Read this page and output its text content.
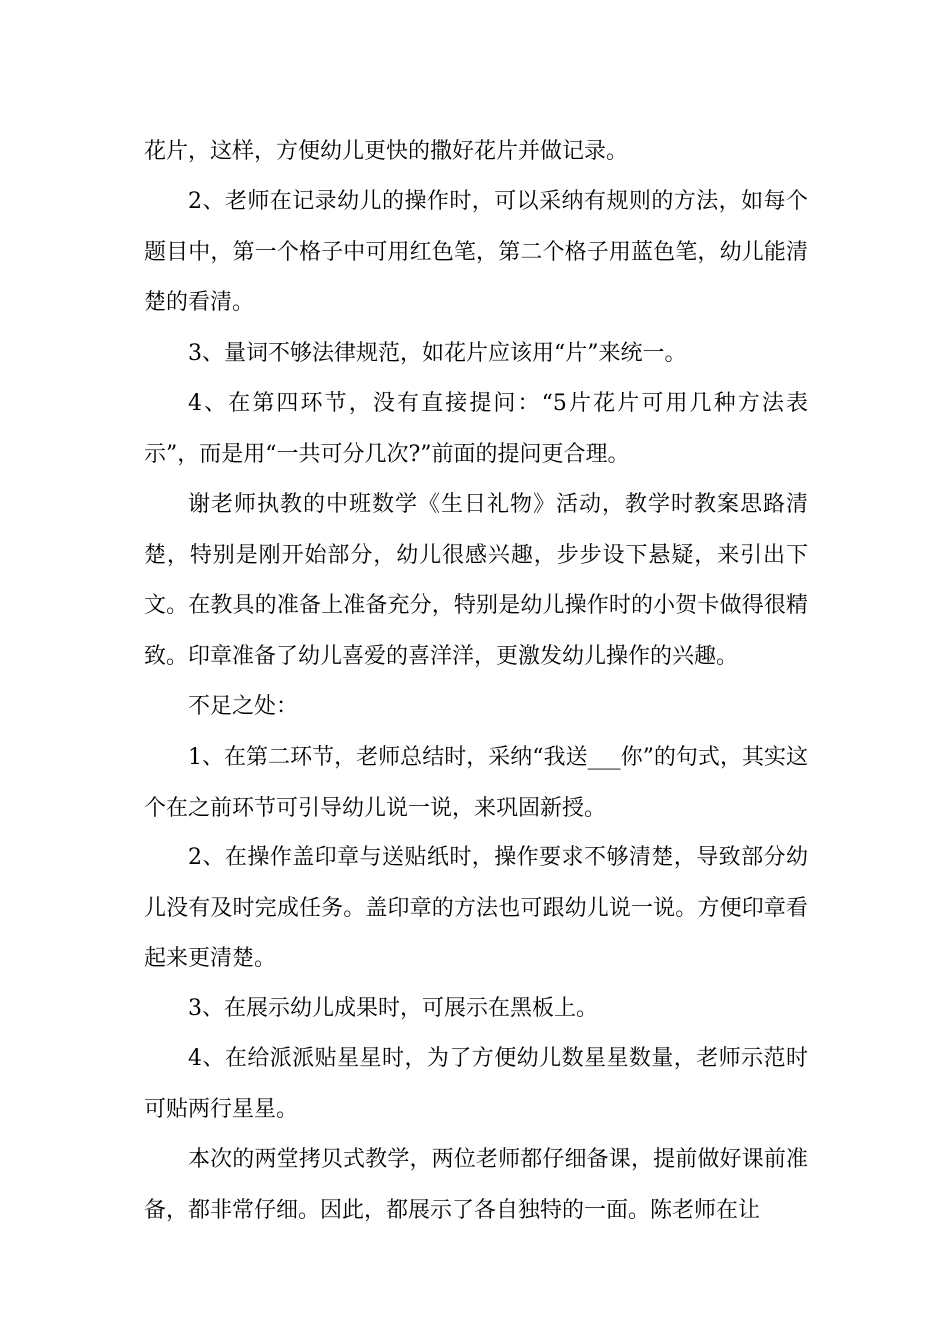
花片，这样，方便幼儿更快的撒好花片并做记录。

2、老师在记录幼儿的操作时，可以采纳有规则的方法，如每个题目中，第一个格子中可用红色笔，第二个格子用蓝色笔，幼儿能清楚的看清。

3、量词不够法律规范，如花片应该用“片”来统一。

4、在第四环节，没有直接提问：“5片花片可用几种方法表示”，而是用“一共可分几次?”前面的提问更合理。

谢老师执教的中班数学《生日礼物》活动，教学时教案思路清楚，特别是刚开始部分，幼儿很感兴趣，步步设下悬疑，来引出下文。在教具的准备上准备充分，特别是幼儿操作时的小贺卡做得很精致。印章准备了幼儿喜爱的喜洋洋，更激发幼儿操作的兴趣。

不足之处：

1、在第二环节，老师总结时，采纳“我送___你”的句式，其实这个在之前环节可引导幼儿说一说，来巩固新授。

2、在操作盖印章与送贴纸时，操作要求不够清楚，导致部分幼儿没有及时完成任务。盖印章的方法也可跟幼儿说一说。方便印章看起来更清楚。

3、在展示幼儿成果时，可展示在黑板上。

4、在给派派贴星星时，为了方便幼儿数星星数量，老师示范时可贴两行星星。

本次的两堂拷贝式教学，两位老师都仔细备课，提前做好课前准备，都非常仔细。因此，都展示了各自独特的一面。陈老师在让
